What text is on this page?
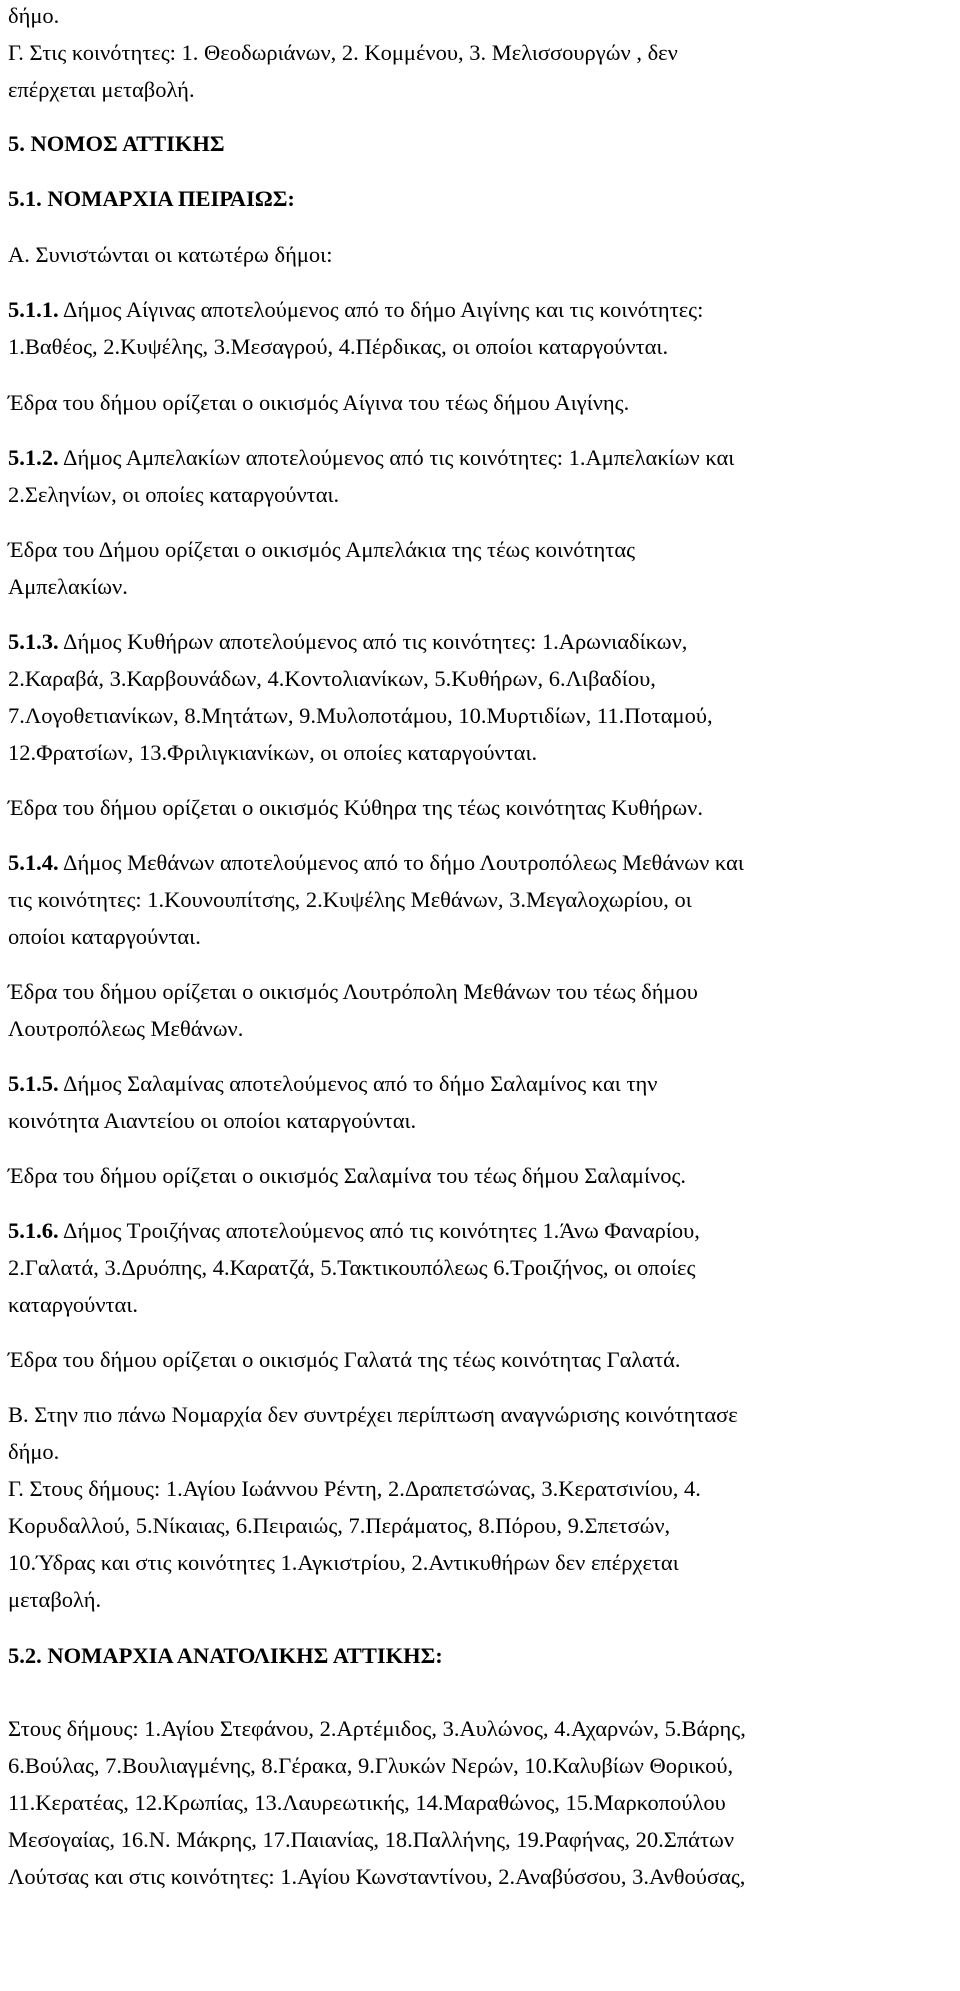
δήμο.
Γ. Στις κοινότητες: 1. Θεοδωριάνων, 2. Κομμένου, 3. Μελισσουργών , δεν
επέρχεται μεταβολή.
5. ΝΟΜΟΣ ΑΤΤΙΚΗΣ
5.1. ΝΟΜΑΡΧΙΑ ΠΕΙΡΑΙΩΣ:
Α. Συνιστώνται οι κατωτέρω δήμοι:
5.1.1. Δήμος Αίγινας αποτελούμενος από το δήμο Αιγίνης και τις κοινότητες:
1.Βαθέος, 2.Κυψέλης, 3.Μεσαγρού, 4.Πέρδικας, οι οποίοι καταργούνται.
Έδρα του δήμου ορίζεται ο οικισμός Αίγινα του τέως δήμου Αιγίνης.
5.1.2. Δήμος Αμπελακίων αποτελούμενος από τις κοινότητες: 1.Αμπελακίων και
2.Σεληνίων, οι οποίες καταργούνται.
Έδρα του Δήμου ορίζεται ο οικισμός Αμπελάκια της τέως κοινότητας
Αμπελακίων.
5.1.3. Δήμος Κυθήρων αποτελούμενος από τις κοινότητες: 1.Αρωνιαδίκων,
2.Καραβά, 3.Καρβουνάδων, 4.Κοντολιανίκων, 5.Κυθήρων, 6.Λιβαδίου,
7.Λογοθετιανίκων, 8.Μητάτων, 9.Μυλοποτάμου, 10.Μυρτιδίων, 11.Ποταμού,
12.Φρατσίων, 13.Φριλιγκιανίκων, οι οποίες καταργούνται.
Έδρα του δήμου ορίζεται ο οικισμός Κύθηρα της τέως κοινότητας Κυθήρων.
5.1.4. Δήμος Μεθάνων αποτελούμενος από το δήμο Λουτροπόλεως Μεθάνων και
τις κοινότητες: 1.Κουνουπίτσης, 2.Κυψέλης Μεθάνων, 3.Μεγαλοχωρίου, οι
οποίοι καταργούνται.
Έδρα του δήμου ορίζεται ο οικισμός Λουτρόπολη Μεθάνων του τέως δήμου
Λουτροπόλεως Μεθάνων.
5.1.5. Δήμος Σαλαμίνας αποτελούμενος από το δήμο Σαλαμίνος και την
κοινότητα Αιαντείου οι οποίοι καταργούνται.
Έδρα του δήμου ορίζεται ο οικισμός Σαλαμίνα του τέως δήμου Σαλαμίνος.
5.1.6. Δήμος Τροιζήνας αποτελούμενος από τις κοινότητες 1.Άνω Φαναρίου,
2.Γαλατά, 3.Δρυόπης, 4.Καρατζά, 5.Τακτικουπόλεως 6.Τροιζήνος, οι οποίες
καταργούνται.
Έδρα του δήμου ορίζεται ο οικισμός Γαλατά της τέως κοινότητας Γαλατά.
Β. Στην πιο πάνω Νομαρχία δεν συντρέχει περίπτωση αναγνώρισης κοινότητασε
δήμο.
Γ. Στους δήμους: 1.Αγίου Ιωάννου Ρέντη, 2.Δραπετσώνας, 3.Κερατσινίου, 4.
Κορυδαλλού, 5.Νίκαιας, 6.Πειραιώς, 7.Περάματος, 8.Πόρου, 9.Σπετσών,
10.Ύδρας και στις κοινότητες 1.Αγκιστρίου, 2.Αντικυθήρων δεν επέρχεται
μεταβολή.
5.2. ΝΟΜΑΡΧΙΑ ΑΝΑΤΟΛΙΚΗΣ ΑΤΤΙΚΗΣ:
Στους δήμους: 1.Αγίου Στεφάνου, 2.Αρτέμιδος, 3.Αυλώνος, 4.Αχαρνών, 5.Βάρης,
6.Βούλας, 7.Βουλιαγμένης, 8.Γέρακα, 9.Γλυκών Νερών, 10.Καλυβίων Θορικού,
11.Κερατέας, 12.Κρωπίας, 13.Λαυρεωτικής, 14.Μαραθώνος, 15.Μαρκοπούλου
Μεσογαίας, 16.Ν. Μάκρης, 17.Παιανίας, 18.Παλλήνης, 19.Ραφήνας, 20.Σπάτων
Λούτσας και στις κοινότητες: 1.Αγίου Κωνσταντίνου, 2.Αναβύσσου, 3.Ανθούσας,
